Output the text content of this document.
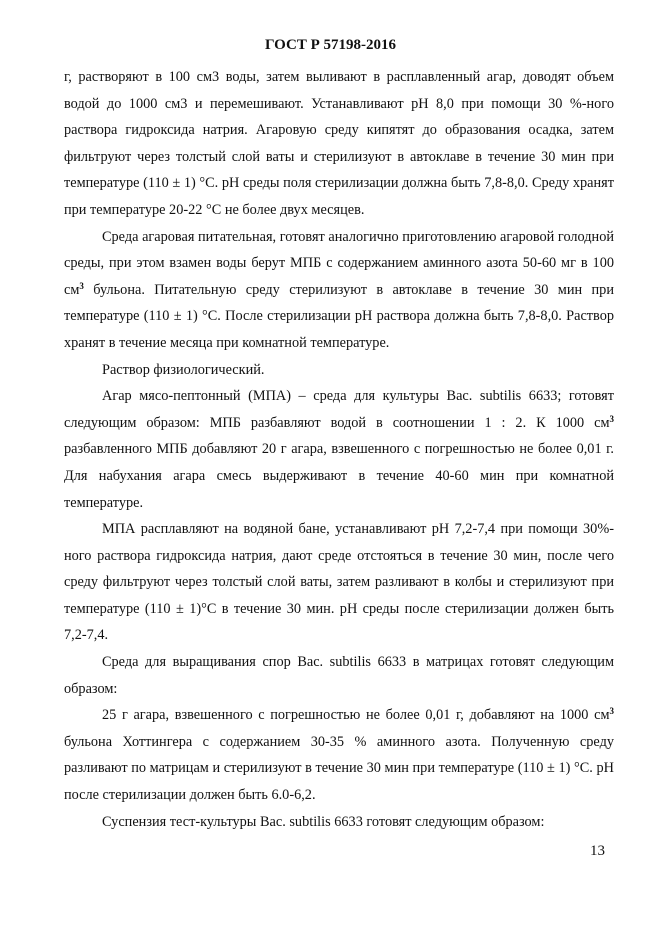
ГОСТ Р 57198-2016

г, растворяют в 100 см3 воды, затем выливают в расплавленный агар, доводят объем водой до 1000 см3 и перемешивают. Устанавливают pH 8,0 при помощи 30 %-ного раствора гидроксида натрия. Агаровую среду кипятят до образования осадка, затем фильтруют через толстый слой ваты и стерилизуют в автоклаве в течение 30 мин при температуре (110 ± 1) °С. pH среды поля стерилизации должна быть 7,8-8,0. Среду хранят при температуре 20-22 °С не более двух месяцев.

Среда агаровая питательная, готовят аналогично приготовлению агаровой голодной среды, при этом взамен воды берут МПБ с содержанием аминного азота 50-60 мг в 100 $см^3$ бульона. Питательную среду стерилизуют в автоклаве в течение 30 мин при температуре (110 ± 1) °С. После стерилизации pH раствора должна быть 7,8-8,0. Раствор хранят в течение месяца при комнатной температуре.

Раствор физиологический.

Агар мясо-пептонный (МПА) – среда для культуры Bac. subtilis 6633; готовят следующим образом: МПБ разбавляют водой в соотношении 1 : 2. К 1000 $см^3$ разбавленного МПБ добавляют 20 г агара, взвешенного с погрешностью не более 0,01 г. Для набухания агара смесь выдерживают в течение 40-60 мин при комнатной температуре.

МПА расплавляют на водяной бане, устанавливают pH 7,2-7,4 при помощи 30%-ного раствора гидроксида натрия, дают среде отстояться в течение 30 мин, после чего среду фильтруют через толстый слой ваты, затем разливают в колбы и стерилизуют при температуре (110 ± 1)°С в течение 30 мин. pH среды после стерилизации должен быть 7,2-7,4.

Среда для выращивания спор Bac. subtilis 6633 в матрицах готовят следующим образом:

25 г агара, взвешенного с погрешностью не более 0,01 г, добавляют на 1000 $см^3$ бульона Хоттингера с содержанием 30-35 % аминного азота. Полученную среду разливают по матрицам и стерилизуют в течение 30 мин при температуре (110 ± 1) °С. pH после стерилизации должен быть 6.0-6,2.

Суспензия тест-культуры Bac. subtilis 6633 готовят следующим образом:

13
